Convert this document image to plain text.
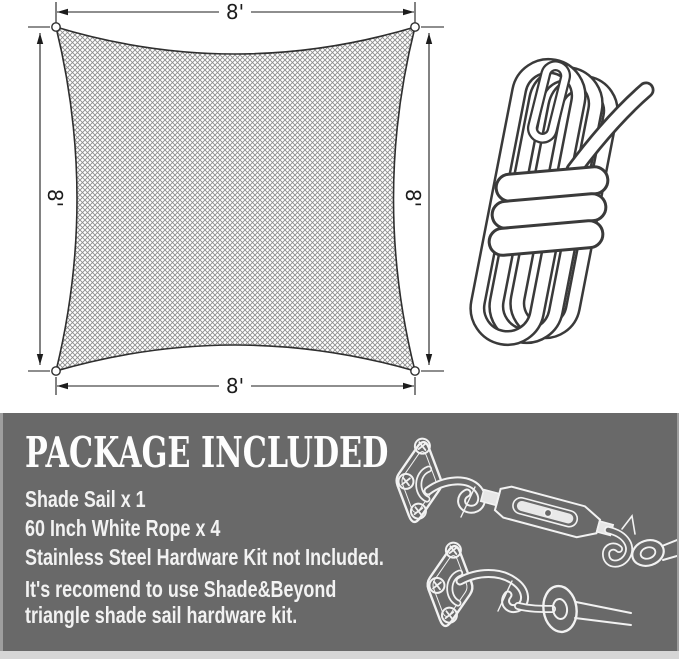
8'
8'
8'	8'
PACKAGE INCLUDED
Shade Sail x 1
60 Inch White Rope x 4
Stainless Steel Hardware Kit not Included.
It's recomend to use Shade&Beyond
triangle shade sail hardware kit.
